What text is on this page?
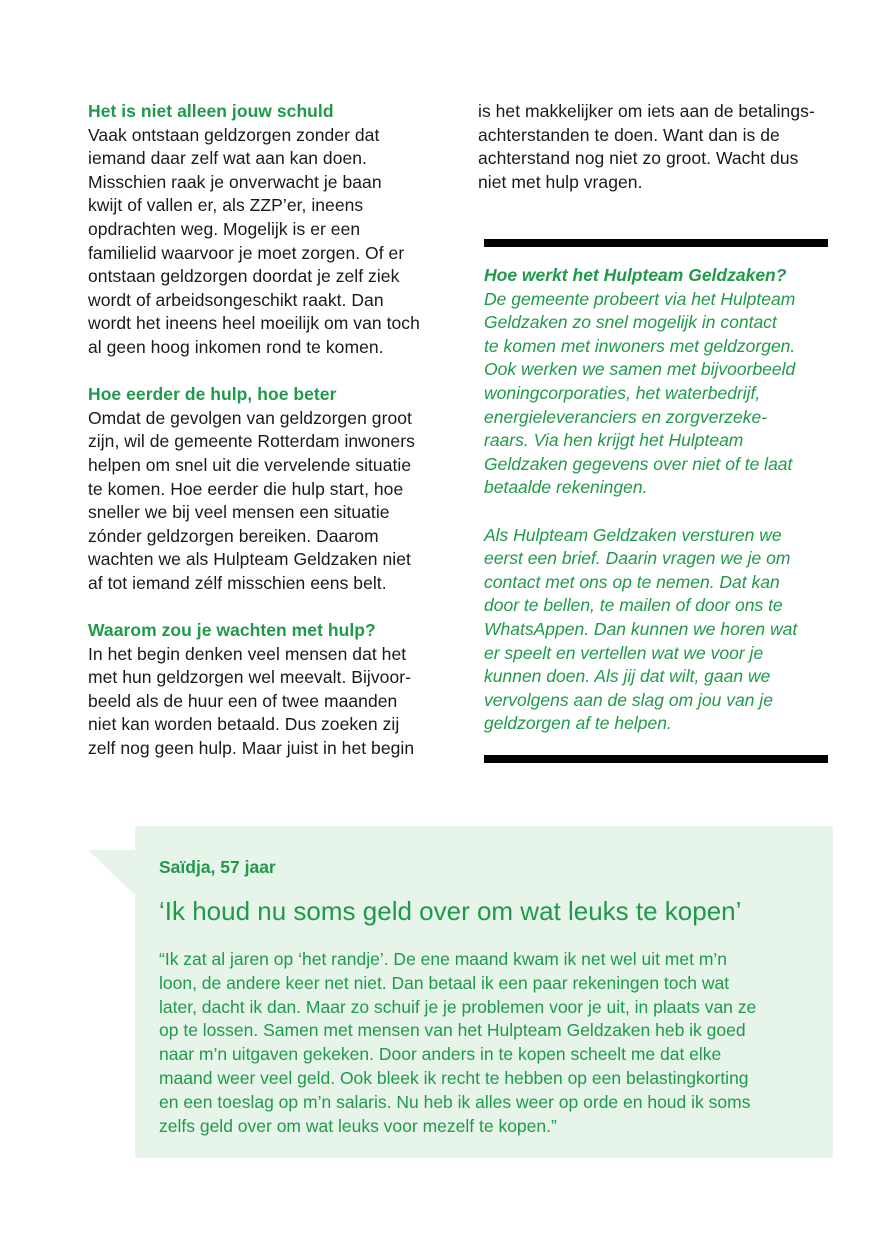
Het is niet alleen jouw schuld

Vaak ontstaan geldzorgen zonder dat
iemand daar zelf wat aan kan doen.
Misschien raak je onverwacht je baan
kwijt of vallen er, als ZZP’er, ineens
opdrachten weg. Mogelijk is er een
familielid waarvoor je moet zorgen. Of er
ontstaan geldzorgen doordat je zelf ziek
wordt of arbeidsongeschikt raakt. Dan
wordt het ineens heel moeilijk om van toch
al geen hoog inkomen rond te komen.

Hoe eerder de hulp, hoe beter

Omdat de gevolgen van geldzorgen groot
zijn, wil de gemeente Rotterdam inwoners
helpen om snel uit die vervelende situatie
te komen. Hoe eerder die hulp start, hoe
sneller we bij veel mensen een situatie
zónder geldzorgen bereiken. Daarom
wachten we als Hulpteam Geldzaken niet
af tot iemand zélf misschien eens belt.

Waarom zou je wachten met hulp?

In het begin denken veel mensen dat het
met hun geldzorgen wel meevalt. Bijvoor-
beeld als de huur een of twee maanden
niet kan worden betaald. Dus zoeken zij
zelf nog geen hulp. Maar juist in het begin

is het makkelijker om iets aan de betalings-
achterstanden te doen. Want dan is de
achterstand nog niet zo groot. Wacht dus
niet met hulp vragen.

Hoe werkt het Hulpteam Geldzaken?

De gemeente probeert via het Hulpteam
Geldzaken zo snel mogelijk in contact
te komen met inwoners met geldzorgen.
Ook werken we samen met bijvoorbeeld
woningcorporaties, het waterbedrijf,
energieleveranciers en zorgverzeke-
raars. Via hen krijgt het Hulpteam
Geldzaken gegevens over niet of te laat
betaalde rekeningen.

Als Hulpteam Geldzaken versturen we
eerst een brief. Daarin vragen we je om
contact met ons op te nemen. Dat kan
door te bellen, te mailen of door ons te
WhatsAppen. Dan kunnen we horen wat
er speelt en vertellen wat we voor je
kunnen doen. Als jij dat wilt, gaan we
vervolgens aan de slag om jou van je
geldzorgen af te helpen.

Saïdja, 57 jaar
‘Ik houd nu soms geld over om wat leuks te kopen’

“Ik zat al jaren op ‘het randje’. De ene maand kwam ik net wel uit met m’n
loon, de andere keer net niet. Dan betaal ik een paar rekeningen toch wat
later, dacht ik dan. Maar zo schuif je je problemen voor je uit, in plaats van ze
op te lossen. Samen met mensen van het Hulpteam Geldzaken heb ik goed
naar m’n uitgaven gekeken. Door anders in te kopen scheelt me dat elke
maand weer veel geld. Ook bleek ik recht te hebben op een belastingkorting
en een toeslag op m’n salaris. Nu heb ik alles weer op orde en houd ik soms
zelfs geld over om wat leuks voor mezelf te kopen.”
